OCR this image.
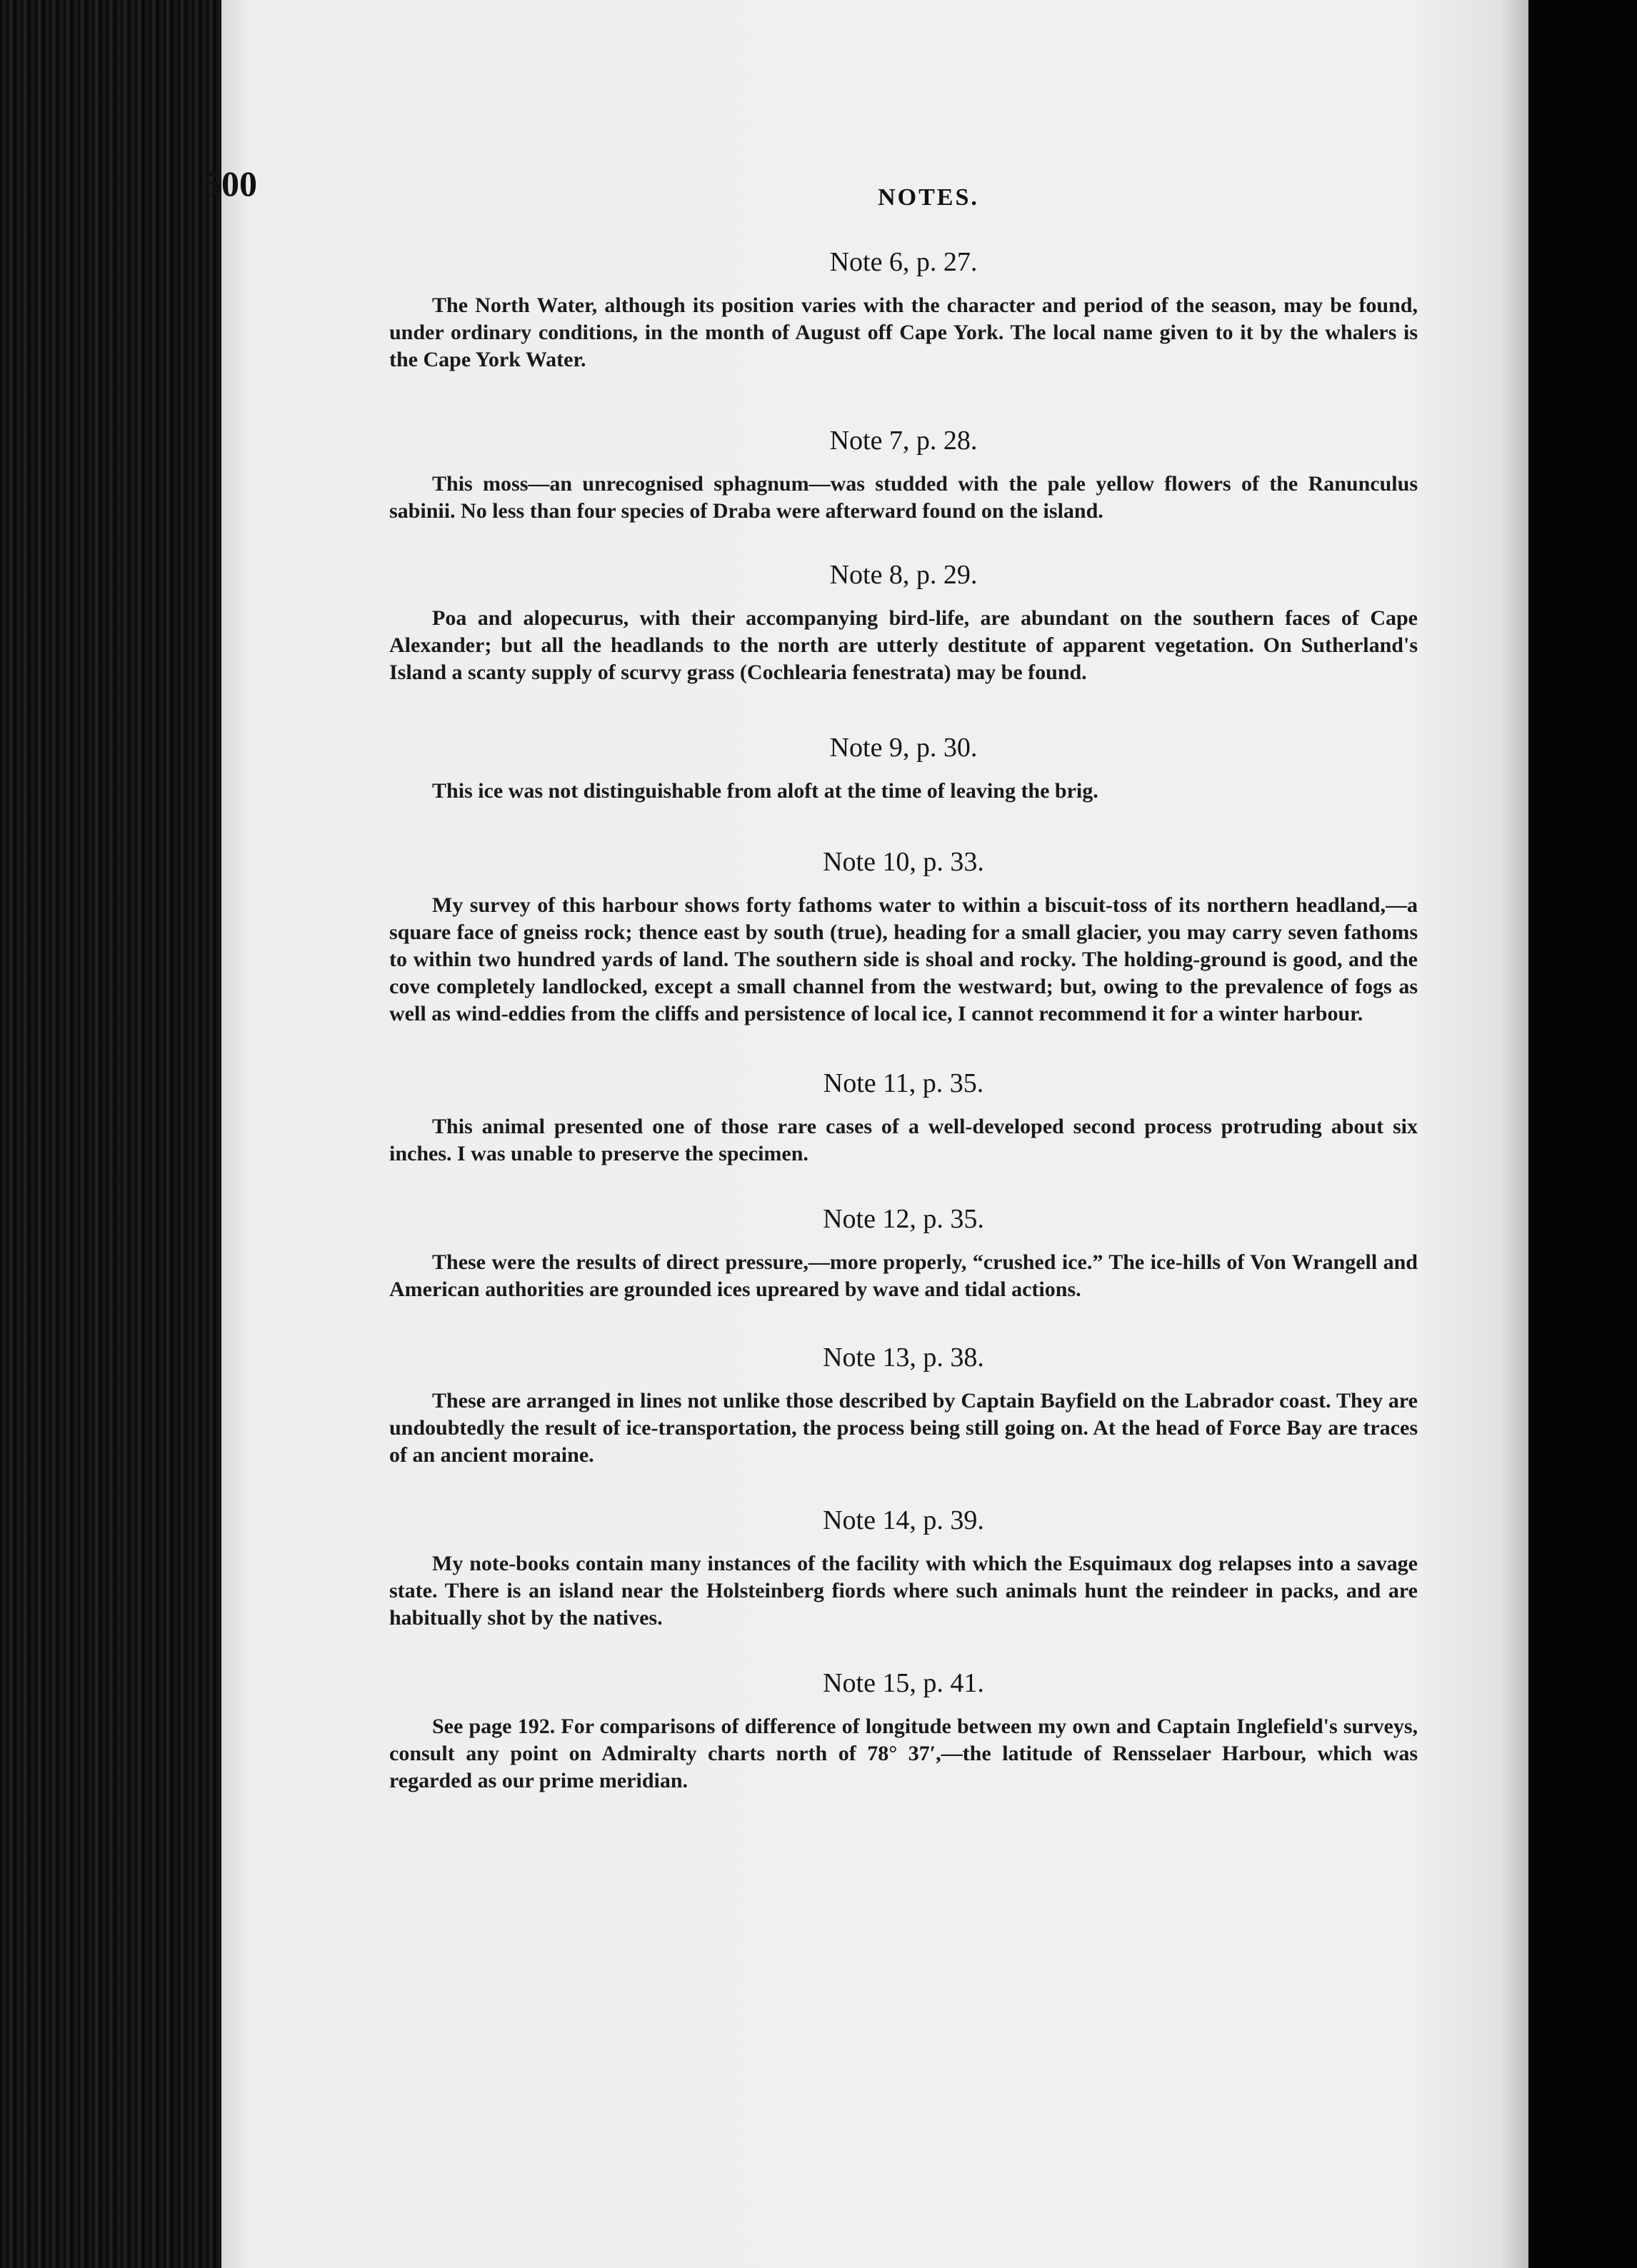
500	NOTES.
Note 6, p. 27.

The North Water, although its position varies with the character and period of the season, may be found, under ordinary conditions, in the month of August off Cape York. The local name given to it by the whalers is the Cape York Water.

Note 7, p. 28.

This moss—an unrecognised sphagnum—was studded with the pale yellow flowers of the Ranunculus sabinii. No less than four species of Draba were afterward found on the island.

Note 8, p. 29.

Poa and alopecurus, with their accompanying bird-life, are abundant on the southern faces of Cape Alexander; but all the headlands to the north are utterly destitute of apparent vegetation. On Sutherland's Island a scanty supply of scurvy grass (Cochlearia fenestrata) may be found.

Note 9, p. 30.

This ice was not distinguishable from aloft at the time of leaving the brig.

Note 10, p. 33.

My survey of this harbour shows forty fathoms water to within a biscuit-toss of its northern headland,—a square face of gneiss rock; thence east by south (true), heading for a small glacier, you may carry seven fathoms to within two hundred yards of land. The southern side is shoal and rocky. The holding-ground is good, and the cove completely landlocked, except a small channel from the westward; but, owing to the prevalence of fogs as well as wind-eddies from the cliffs and persistence of local ice, I cannot recommend it for a winter harbour.

Note 11, p. 35.

This animal presented one of those rare cases of a well-developed second process protruding about six inches. I was unable to preserve the specimen.

Note 12, p. 35.

These were the results of direct pressure,—more properly, “crushed ice.” The ice-hills of Von Wrangell and American authorities are grounded ices upreared by wave and tidal actions.

Note 13, p. 38.

These are arranged in lines not unlike those described by Captain Bayfield on the Labrador coast. They are undoubtedly the result of ice-transportation, the process being still going on. At the head of Force Bay are traces of an ancient moraine.

Note 14, p. 39.

My note-books contain many instances of the facility with which the Esquimaux dog relapses into a savage state. There is an island near the Holsteinberg fiords where such animals hunt the reindeer in packs, and are habitually shot by the natives.

Note 15, p. 41.

See page 192. For comparisons of difference of longitude between my own and Captain Inglefield's surveys, consult any point on Admiralty charts north of 78° 37′,—the latitude of Rensselaer Harbour, which was regarded as our prime meridian.
